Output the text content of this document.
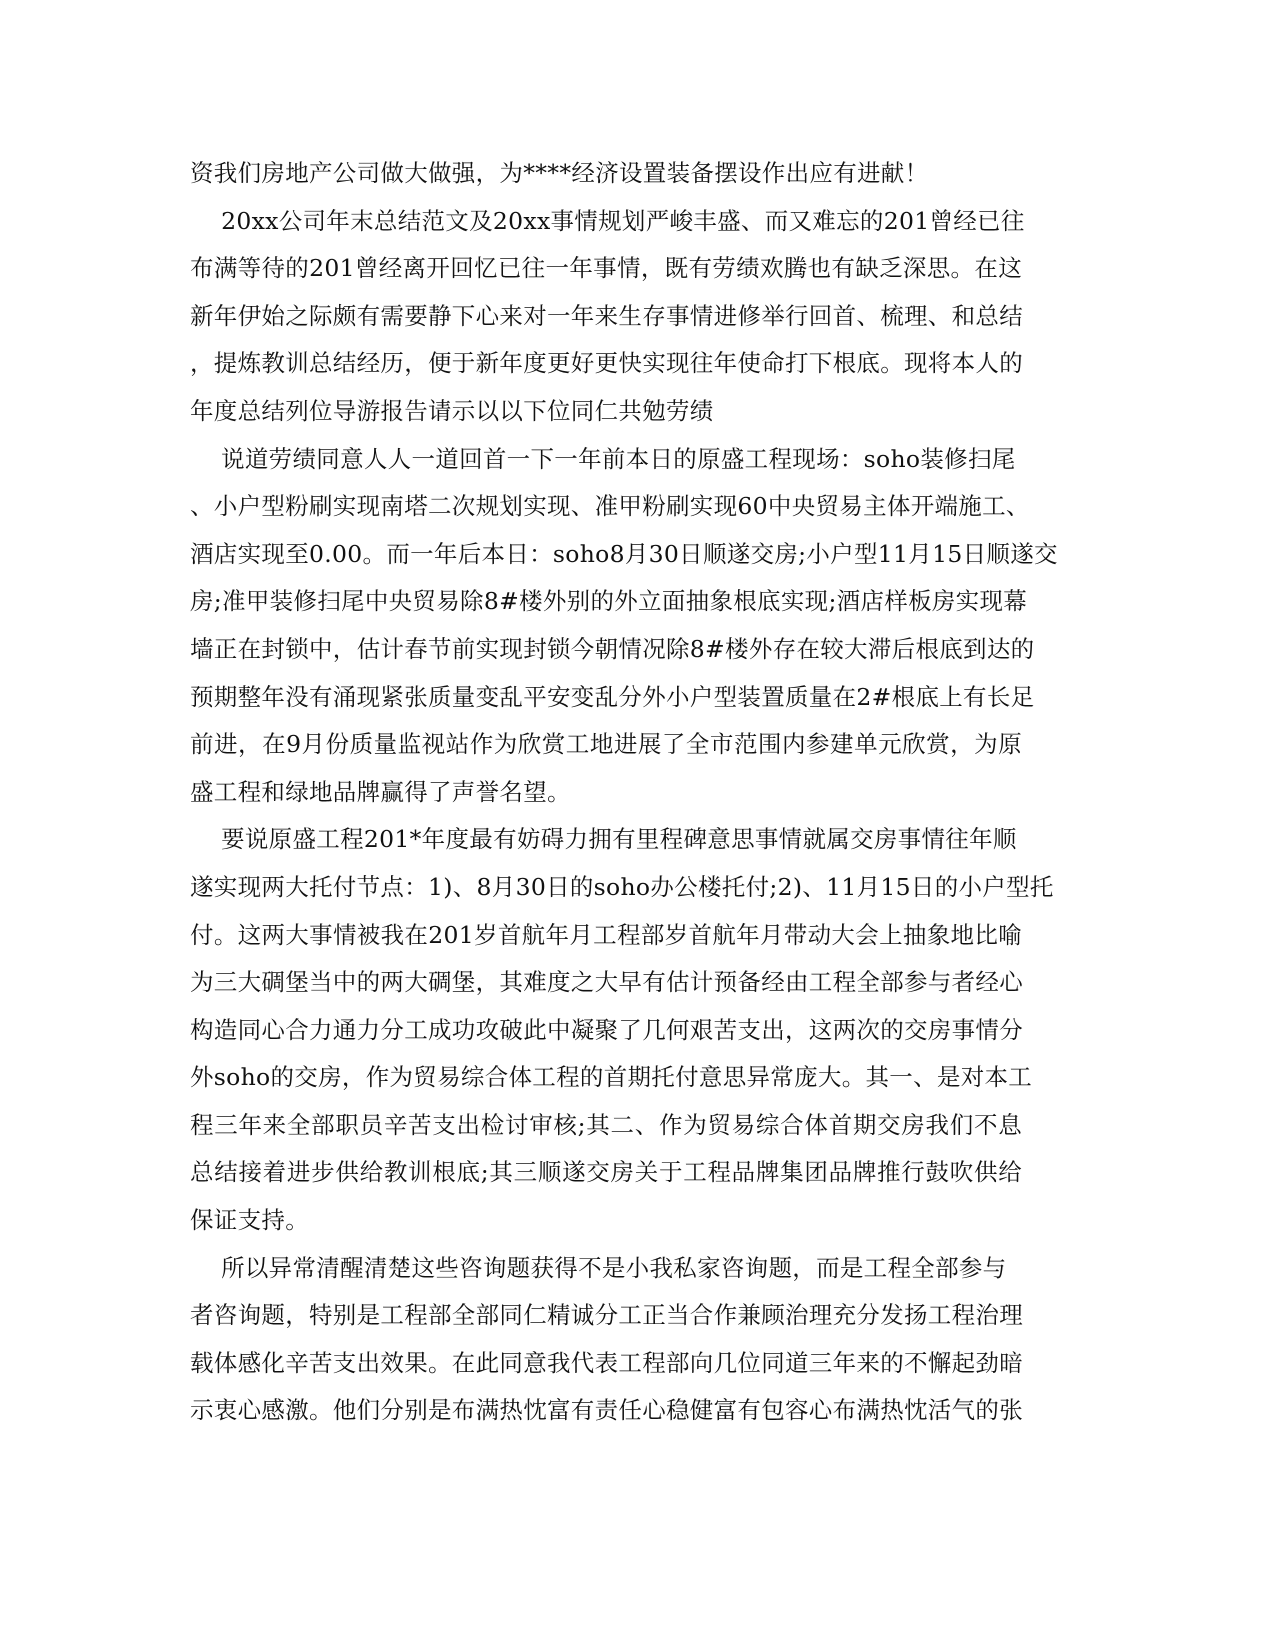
资我们房地产公司做大做强，为****经济设置装备摆设作出应有进献！
20xx公司年末总结范文及20xx事情规划严峻丰盛、而又难忘的201曾经已往
布满等待的201曾经离开回忆已往一年事情，既有劳绩欢腾也有缺乏深思。在这
新年伊始之际颇有需要静下心来对一年来生存事情进修举行回首、梳理、和总结
，提炼教训总结经历，便于新年度更好更快实现往年使命打下根底。现将本人的
年度总结列位导游报告请示以以下位同仁共勉劳绩
说道劳绩同意人人一道回首一下一年前本日的原盛工程现场：soho装修扫尾
、小户型粉刷实现南塔二次规划实现、准甲粉刷实现60中央贸易主体开端施工、
酒店实现至0.00。而一年后本日：soho8月30日顺遂交房;小户型11月15日顺遂交
房;准甲装修扫尾中央贸易除8#楼外别的外立面抽象根底实现;酒店样板房实现幕
墙正在封锁中，估计春节前实现封锁今朝情况除8#楼外存在较大滞后根底到达的
预期整年没有涌现紧张质量变乱平安变乱分外小户型装置质量在2#根底上有长足
前进，在9月份质量监视站作为欣赏工地进展了全市范围内参建单元欣赏，为原
盛工程和绿地品牌赢得了声誉名望。
要说原盛工程201*年度最有妨碍力拥有里程碑意思事情就属交房事情往年顺
遂实现两大托付节点：1)、8月30日的soho办公楼托付;2)、11月15日的小户型托
付。这两大事情被我在201岁首航年月工程部岁首航年月带动大会上抽象地比喻
为三大碉堡当中的两大碉堡，其难度之大早有估计预备经由工程全部参与者经心
构造同心合力通力分工成功攻破此中凝聚了几何艰苦支出，这两次的交房事情分
外soho的交房，作为贸易综合体工程的首期托付意思异常庞大。其一、是对本工
程三年来全部职员辛苦支出检讨审核;其二、作为贸易综合体首期交房我们不息
总结接着进步供给教训根底;其三顺遂交房关于工程品牌集团品牌推行鼓吹供给
保证支持。
所以异常清醒清楚这些咨询题获得不是小我私家咨询题，而是工程全部参与
者咨询题，特别是工程部全部同仁精诚分工正当合作兼顾治理充分发扬工程治理
载体感化辛苦支出效果。在此同意我代表工程部向几位同道三年来的不懈起劲暗
示衷心感激。他们分别是布满热忱富有责任心稳健富有包容心布满热忱活气的张
